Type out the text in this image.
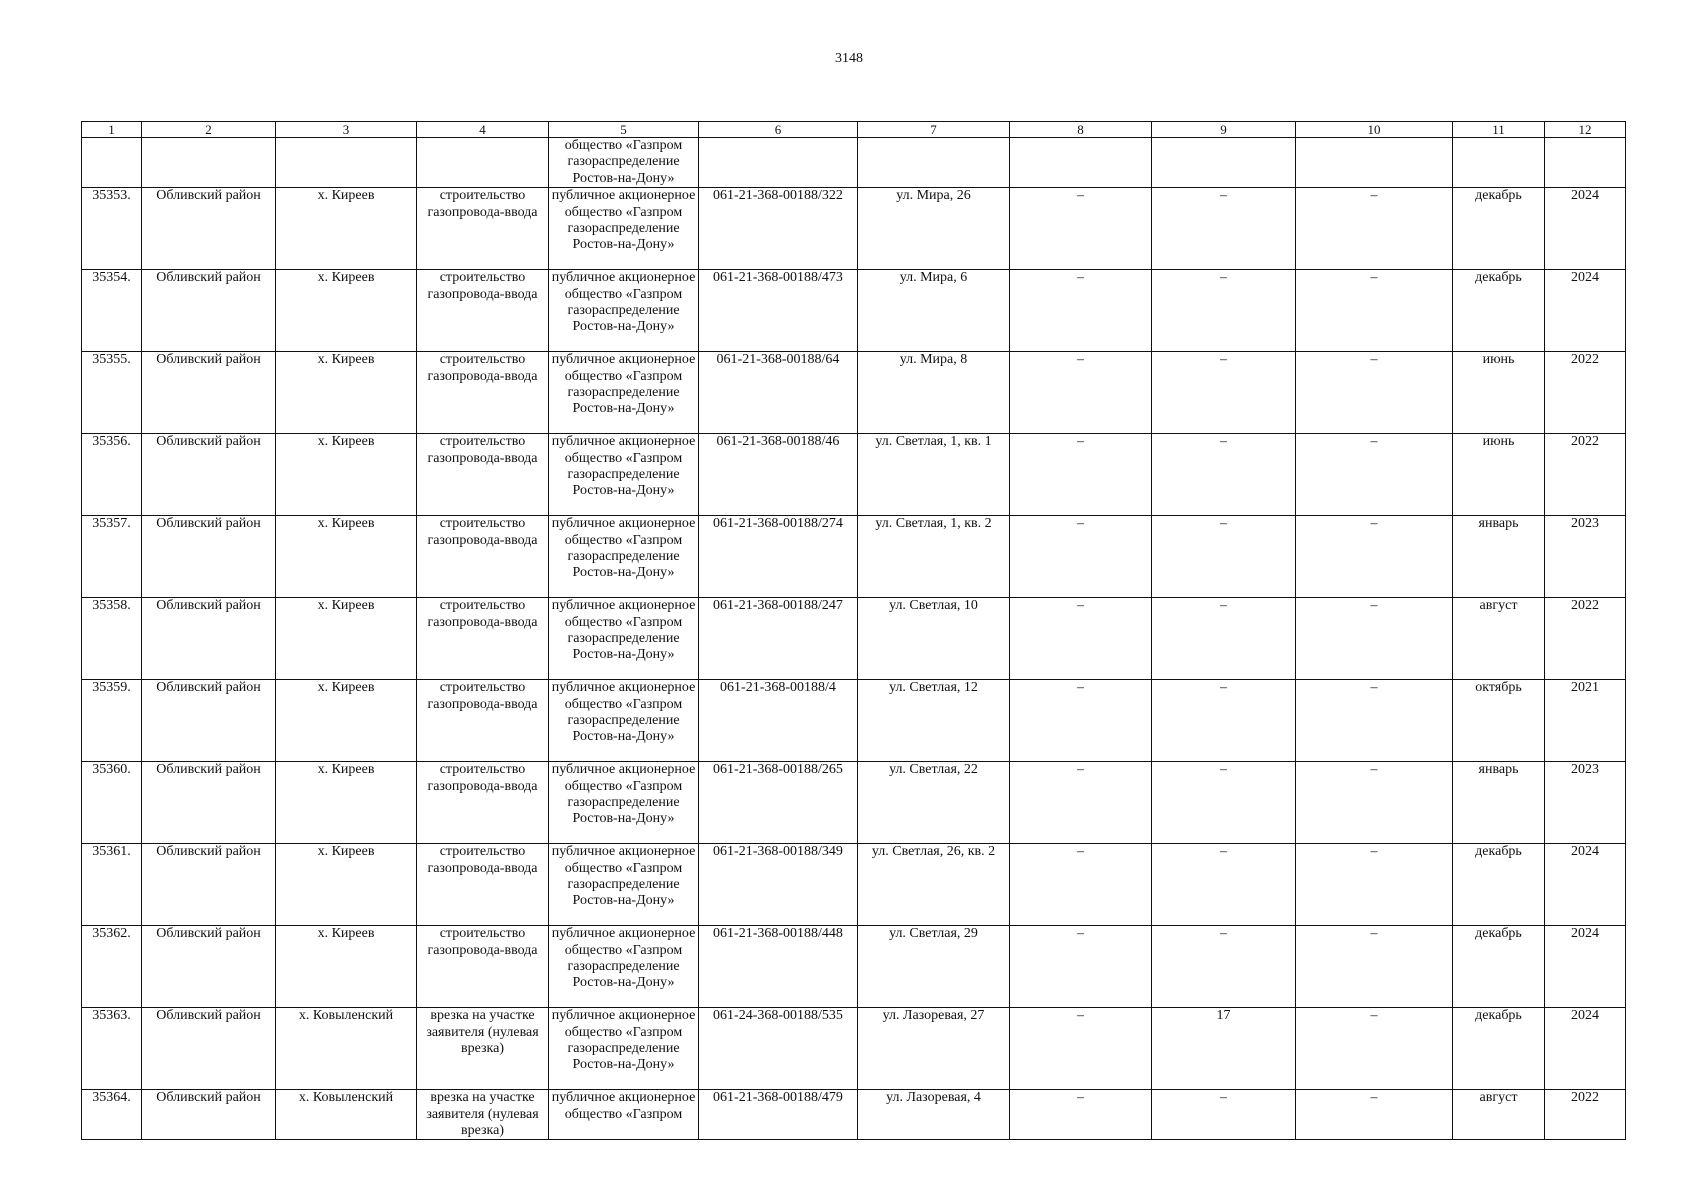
3148
1	2	3	4	5	6	7	8	9	10	11	12
				общество «Газпром газораспределение Ростов-на-Дону»							
35353.	Обливский район	х. Киреев	строительство газопровода-ввода	публичное акционерное общество «Газпром газораспределение Ростов-на-Дону»	061-21-368-00188/322	ул. Мира, 26	–	–	–	декабрь	2024
35354.	Обливский район	х. Киреев	строительство газопровода-ввода	публичное акционерное общество «Газпром газораспределение Ростов-на-Дону»	061-21-368-00188/473	ул. Мира, 6	–	–	–	декабрь	2024
35355.	Обливский район	х. Киреев	строительство газопровода-ввода	публичное акционерное общество «Газпром газораспределение Ростов-на-Дону»	061-21-368-00188/64	ул. Мира, 8	–	–	–	июнь	2022
35356.	Обливский район	х. Киреев	строительство газопровода-ввода	публичное акционерное общество «Газпром газораспределение Ростов-на-Дону»	061-21-368-00188/46	ул. Светлая, 1, кв. 1	–	–	–	июнь	2022
35357.	Обливский район	х. Киреев	строительство газопровода-ввода	публичное акционерное общество «Газпром газораспределение Ростов-на-Дону»	061-21-368-00188/274	ул. Светлая, 1, кв. 2	–	–	–	январь	2023
35358.	Обливский район	х. Киреев	строительство газопровода-ввода	публичное акционерное общество «Газпром газораспределение Ростов-на-Дону»	061-21-368-00188/247	ул. Светлая, 10	–	–	–	август	2022
35359.	Обливский район	х. Киреев	строительство газопровода-ввода	публичное акционерное общество «Газпром газораспределение Ростов-на-Дону»	061-21-368-00188/4	ул. Светлая, 12	–	–	–	октябрь	2021
35360.	Обливский район	х. Киреев	строительство газопровода-ввода	публичное акционерное общество «Газпром газораспределение Ростов-на-Дону»	061-21-368-00188/265	ул. Светлая, 22	–	–	–	январь	2023
35361.	Обливский район	х. Киреев	строительство газопровода-ввода	публичное акционерное общество «Газпром газораспределение Ростов-на-Дону»	061-21-368-00188/349	ул. Светлая, 26, кв. 2	–	–	–	декабрь	2024
35362.	Обливский район	х. Киреев	строительство газопровода-ввода	публичное акционерное общество «Газпром газораспределение Ростов-на-Дону»	061-21-368-00188/448	ул. Светлая, 29	–	–	–	декабрь	2024
35363.	Обливский район	х. Ковыленский	врезка на участке заявителя (нулевая врезка)	публичное акционерное общество «Газпром газораспределение Ростов-на-Дону»	061-24-368-00188/535	ул. Лазоревая, 27	–	17	–	декабрь	2024
35364.	Обливский район	х. Ковыленский	врезка на участке заявителя (нулевая врезка)	публичное акционерное общество «Газпром	061-21-368-00188/479	ул. Лазоревая, 4	–	–	–	август	2022
